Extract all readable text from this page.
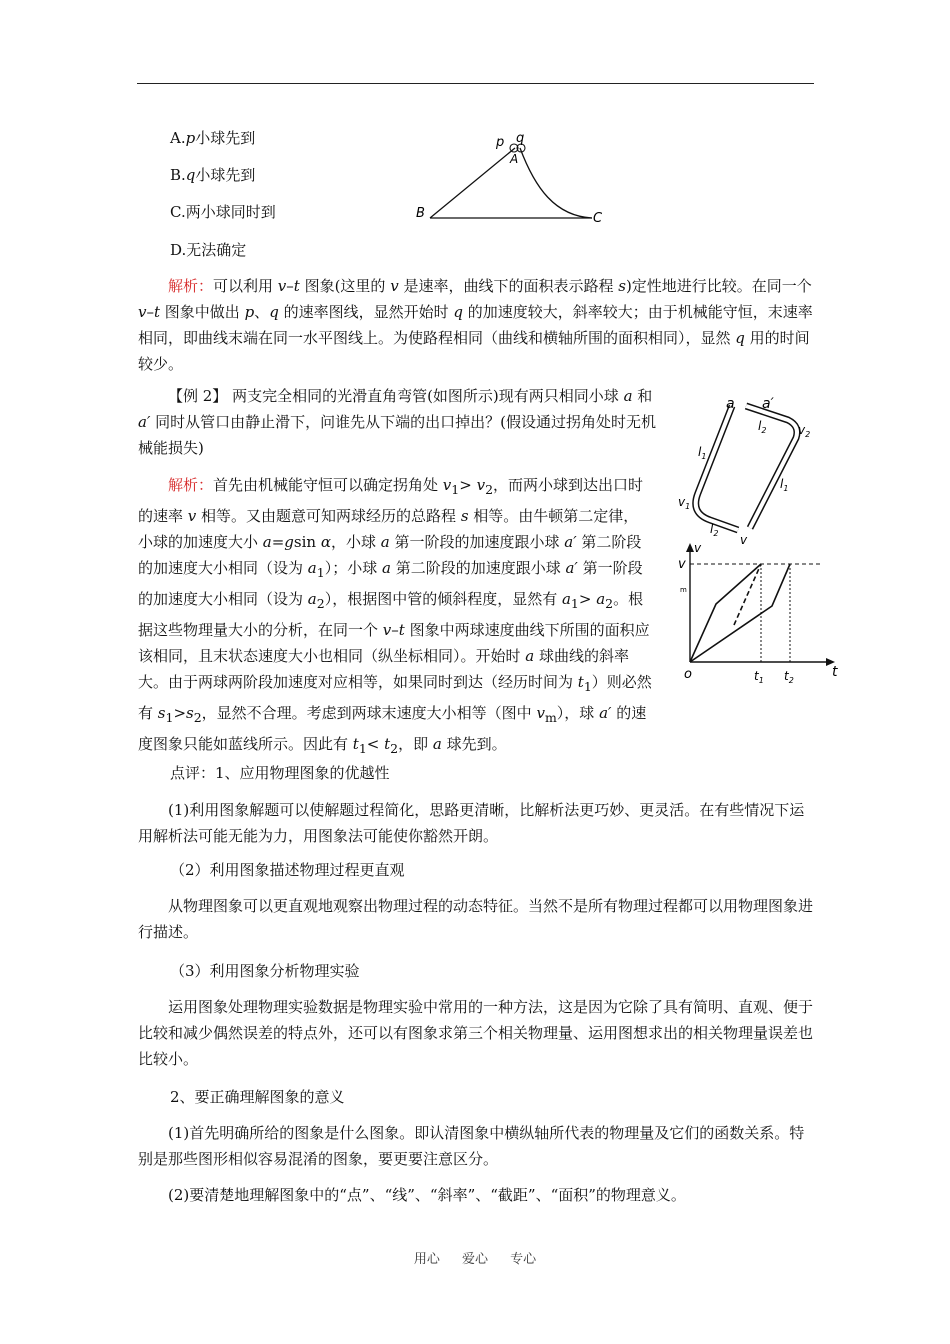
A.p小球先到
B.q小球先到
C.两小球同时到
D.无法确定
p q
A
B	C
解析：可以利用 v–t 图象(这里的 v 是速率，曲线下的面积表示路程 s)定性地进行比较。在同一个 v–t 图象中做出 p、q 的速率图线，显然开始时 q 的加速度较大，斜率较大；由于机械能守恒，末速率相同，即曲线末端在同一水平图线上。为使路程相同（曲线和横轴所围的面积相同），显然 q 用的时间较少。
【例 2】 两支完全相同的光滑直角弯管(如图所示)现有两只相同小球 a 和 a′ 同时从管口由静止滑下，问谁先从下端的出口掉出？(假设通过拐角处时无机械能损失)
a a′
$l_2$	$v_2$
$l_1$
$l_1$
$v_1$
$l_2$ v
v
v
m
o	t
$t_1$ $t_2$
解析：首先由机械能守恒可以确定拐角处 $v_1> v_2$，而两小球到达出口时的速率 v 相等。又由题意可知两球经历的总路程 s 相等。由牛顿第二定律，小球的加速度大小 a=gsin α，小球 a 第一阶段的加速度跟小球 a′ 第二阶段的加速度大小相同（设为 $a_1$）；小球 a 第二阶段的加速度跟小球 a′ 第一阶段的加速度大小相同（设为 $a_2$），根据图中管的倾斜程度，显然有 $a_1> a_2$。根据这些物理量大小的分析，在同一个 v–t 图象中两球速度曲线下所围的面积应该相同，且末状态速度大小也相同（纵坐标相同）。开始时 a 球曲线的斜率大。由于两球两阶段加速度对应相等，如果同时到达（经历时间为 $t_1$）则必然有 $s_1>s_2$，显然不合理。考虑到两球末速度大小相等（图中 $v_m$），球 a′ 的速度图象只能如蓝线所示。因此有 $t_1< t_2$，即 a 球先到。
点评：1、应用物理图象的优越性
(1)利用图象解题可以使解题过程简化，思路更清晰，比解析法更巧妙、更灵活。在有些情况下运用解析法可能无能为力，用图象法可能使你豁然开朗。
（2）利用图象描述物理过程更直观
从物理图象可以更直观地观察出物理过程的动态特征。当然不是所有物理过程都可以用物理图象进行描述。
（3）利用图象分析物理实验
运用图象处理物理实验数据是物理实验中常用的一种方法，这是因为它除了具有简明、直观、便于比较和减少偶然误差的特点外，还可以有图象求第三个相关物理量、运用图想求出的相关物理量误差也比较小。
2、要正确理解图象的意义
(1)首先明确所给的图象是什么图象。即认清图象中横纵轴所代表的物理量及它们的函数关系。特别是那些图形相似容易混淆的图象，要更要注意区分。
(2)要清楚地理解图象中的“点”、“线”、“斜率”、“截距”、“面积”的物理意义。
用心 爱心 专心
